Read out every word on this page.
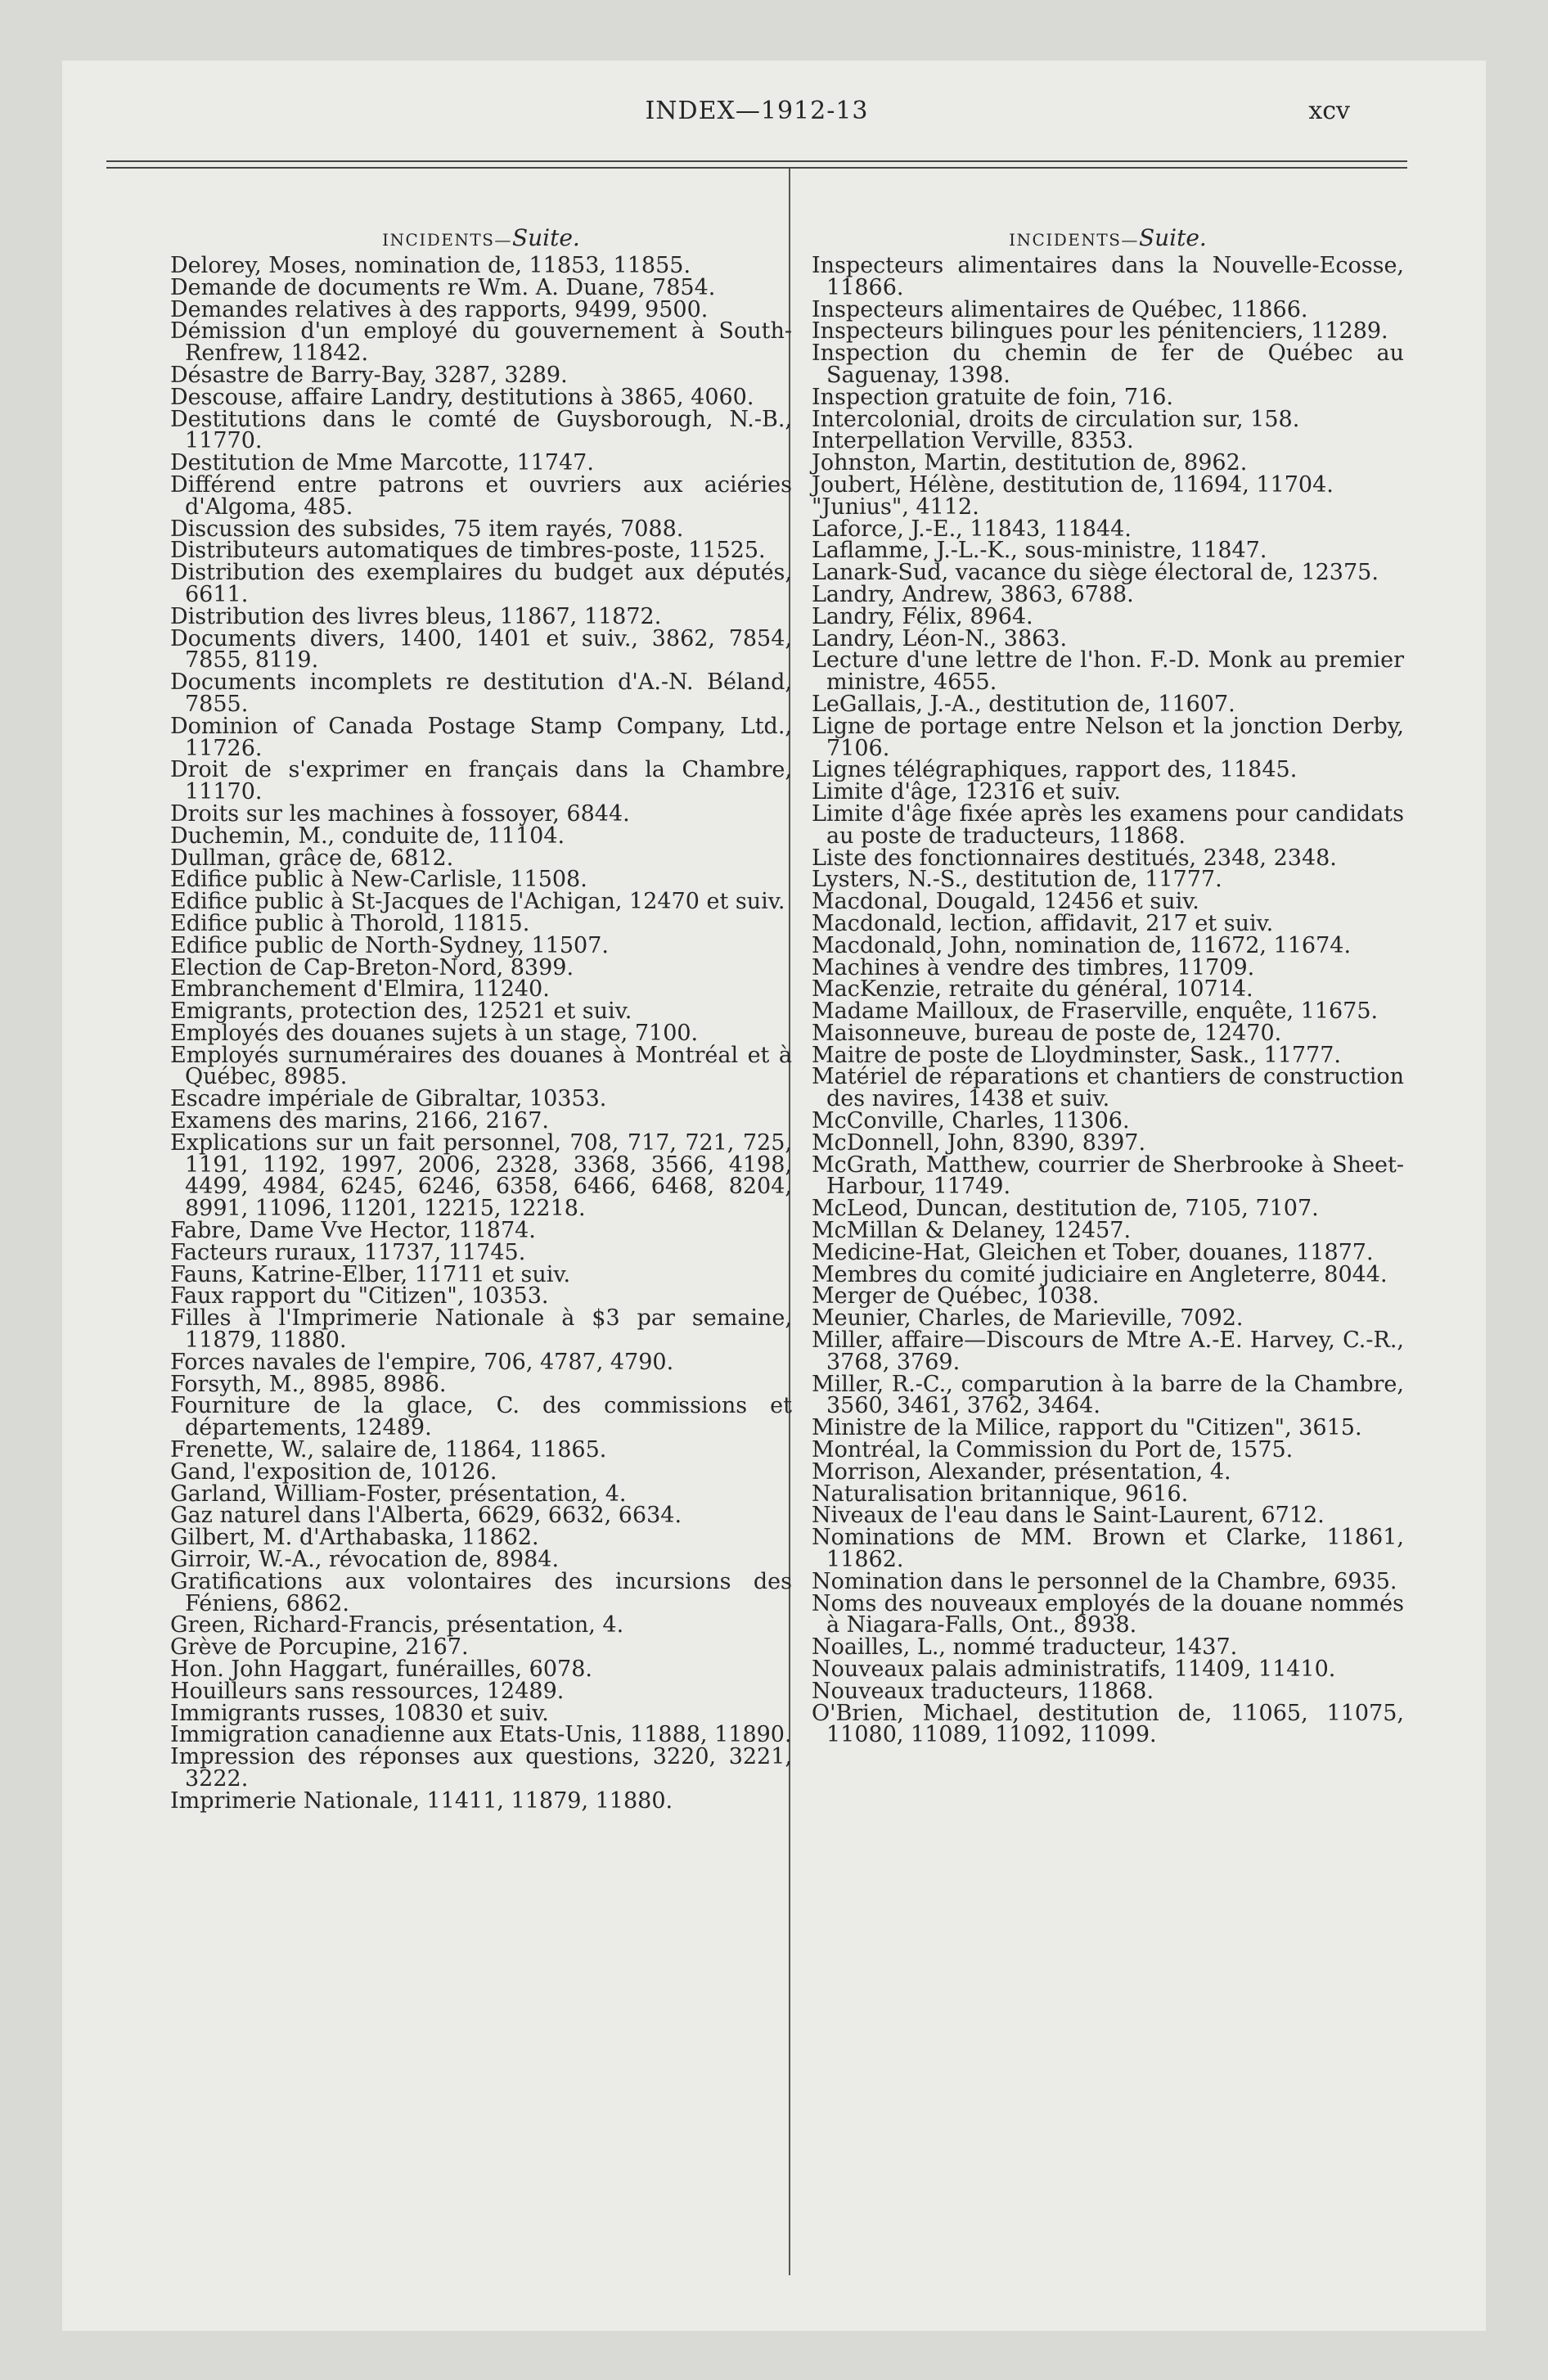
INDEX—1912-13	xcv
INCIDENTS—Suite.

Delorey, Moses, nomination de, 11853, 11855.

Demande de documents re Wm. A. Duane, 7854.

Demandes relatives à des rapports, 9499, 9500.

Démission d'un employé du gouvernement à South-Renfrew, 11842.

Désastre de Barry-Bay, 3287, 3289.

Descouse, affaire Landry, destitutions à 3865, 4060.

Destitutions dans le comté de Guysborough, N.-B., 11770.

Destitution de Mme Marcotte, 11747.

Différend entre patrons et ouvriers aux aciéries d'Algoma, 485.

Discussion des subsides, 75 item rayés, 7088.

Distributeurs automatiques de timbres-poste, 11525.

Distribution des exemplaires du budget aux députés, 6611.

Distribution des livres bleus, 11867, 11872.

Documents divers, 1400, 1401 et suiv., 3862, 7854, 7855, 8119.

Documents incomplets re destitution d'A.-N. Béland, 7855.

Dominion of Canada Postage Stamp Company, Ltd., 11726.

Droit de s'exprimer en français dans la Chambre, 11170.

Droits sur les machines à fossoyer, 6844.

Duchemin, M., conduite de, 11104.

Dullman, grâce de, 6812.

Edifice public à New-Carlisle, 11508.

Edifice public à St-Jacques de l'Achigan, 12470 et suiv.

Edifice public à Thorold, 11815.

Edifice public de North-Sydney, 11507.

Election de Cap-Breton-Nord, 8399.

Embranchement d'Elmira, 11240.

Emigrants, protection des, 12521 et suiv.

Employés des douanes sujets à un stage, 7100.

Employés surnuméraires des douanes à Montréal et à Québec, 8985.

Escadre impériale de Gibraltar, 10353.

Examens des marins, 2166, 2167.

Explications sur un fait personnel, 708, 717, 721, 725, 1191, 1192, 1997, 2006, 2328, 3368, 3566, 4198, 4499, 4984, 6245, 6246, 6358, 6466, 6468, 8204, 8991, 11096, 11201, 12215, 12218.

Fabre, Dame Vve Hector, 11874.

Facteurs ruraux, 11737, 11745.

Fauns, Katrine-Elber, 11711 et suiv.

Faux rapport du "Citizen", 10353.

Filles à l'Imprimerie Nationale à $3 par semaine, 11879, 11880.

Forces navales de l'empire, 706, 4787, 4790.

Forsyth, M., 8985, 8986.

Fourniture de la glace, C. des commissions et départements, 12489.

Frenette, W., salaire de, 11864, 11865.

Gand, l'exposition de, 10126.

Garland, William-Foster, présentation, 4.

Gaz naturel dans l'Alberta, 6629, 6632, 6634.

Gilbert, M. d'Arthabaska, 11862.

Girroir, W.-A., révocation de, 8984.

Gratifications aux volontaires des incursions des Féniens, 6862.

Green, Richard-Francis, présentation, 4.

Grève de Porcupine, 2167.

Hon. John Haggart, funérailles, 6078.

Houilleurs sans ressources, 12489.

Immigrants russes, 10830 et suiv.

Immigration canadienne aux Etats-Unis, 11888, 11890.

Impression des réponses aux questions, 3220, 3221, 3222.

Imprimerie Nationale, 11411, 11879, 11880.

INCIDENTS—Suite.

Inspecteurs alimentaires dans la Nouvelle-Ecosse, 11866.

Inspecteurs alimentaires de Québec, 11866.

Inspecteurs bilingues pour les pénitenciers, 11289.

Inspection du chemin de fer de Québec au Saguenay, 1398.

Inspection gratuite de foin, 716.

Intercolonial, droits de circulation sur, 158.

Interpellation Verville, 8353.

Johnston, Martin, destitution de, 8962.

Joubert, Hélène, destitution de, 11694, 11704.

"Junius", 4112.

Laforce, J.-E., 11843, 11844.

Laflamme, J.-L.-K., sous-ministre, 11847.

Lanark-Sud, vacance du siège électoral de, 12375.

Landry, Andrew, 3863, 6788.

Landry, Félix, 8964.

Landry, Léon-N., 3863.

Lecture d'une lettre de l'hon. F.-D. Monk au premier ministre, 4655.

LeGallais, J.-A., destitution de, 11607.

Ligne de portage entre Nelson et la jonction Derby, 7106.

Lignes télégraphiques, rapport des, 11845.

Limite d'âge, 12316 et suiv.

Limite d'âge fixée après les examens pour candidats au poste de traducteurs, 11868.

Liste des fonctionnaires destitués, 2348, 2348.

Lysters, N.-S., destitution de, 11777.

Macdonal, Dougald, 12456 et suiv.

Macdonald, lection, affidavit, 217 et suiv.

Macdonald, John, nomination de, 11672, 11674.

Machines à vendre des timbres, 11709.

MacKenzie, retraite du général, 10714.

Madame Mailloux, de Fraserville, enquête, 11675.

Maisonneuve, bureau de poste de, 12470.

Maitre de poste de Lloydminster, Sask., 11777.

Matériel de réparations et chantiers de construction des navires, 1438 et suiv.

McConville, Charles, 11306.

McDonnell, John, 8390, 8397.

McGrath, Matthew, courrier de Sherbrooke à Sheet-Harbour, 11749.

McLeod, Duncan, destitution de, 7105, 7107.

McMillan & Delaney, 12457.

Medicine-Hat, Gleichen et Tober, douanes, 11877.

Membres du comité judiciaire en Angleterre, 8044.

Merger de Québec, 1038.

Meunier, Charles, de Marieville, 7092.

Miller, affaire—Discours de Mtre A.-E. Harvey, C.-R., 3768, 3769.

Miller, R.-C., comparution à la barre de la Chambre, 3560, 3461, 3762, 3464.

Ministre de la Milice, rapport du "Citizen", 3615.

Montréal, la Commission du Port de, 1575.

Morrison, Alexander, présentation, 4.

Naturalisation britannique, 9616.

Niveaux de l'eau dans le Saint-Laurent, 6712.

Nominations de MM. Brown et Clarke, 11861, 11862.

Nomination dans le personnel de la Chambre, 6935.

Noms des nouveaux employés de la douane nommés à Niagara-Falls, Ont., 8938.

Noailles, L., nommé traducteur, 1437.

Nouveaux palais administratifs, 11409, 11410.

Nouveaux traducteurs, 11868.

O'Brien, Michael, destitution de, 11065, 11075, 11080, 11089, 11092, 11099.
